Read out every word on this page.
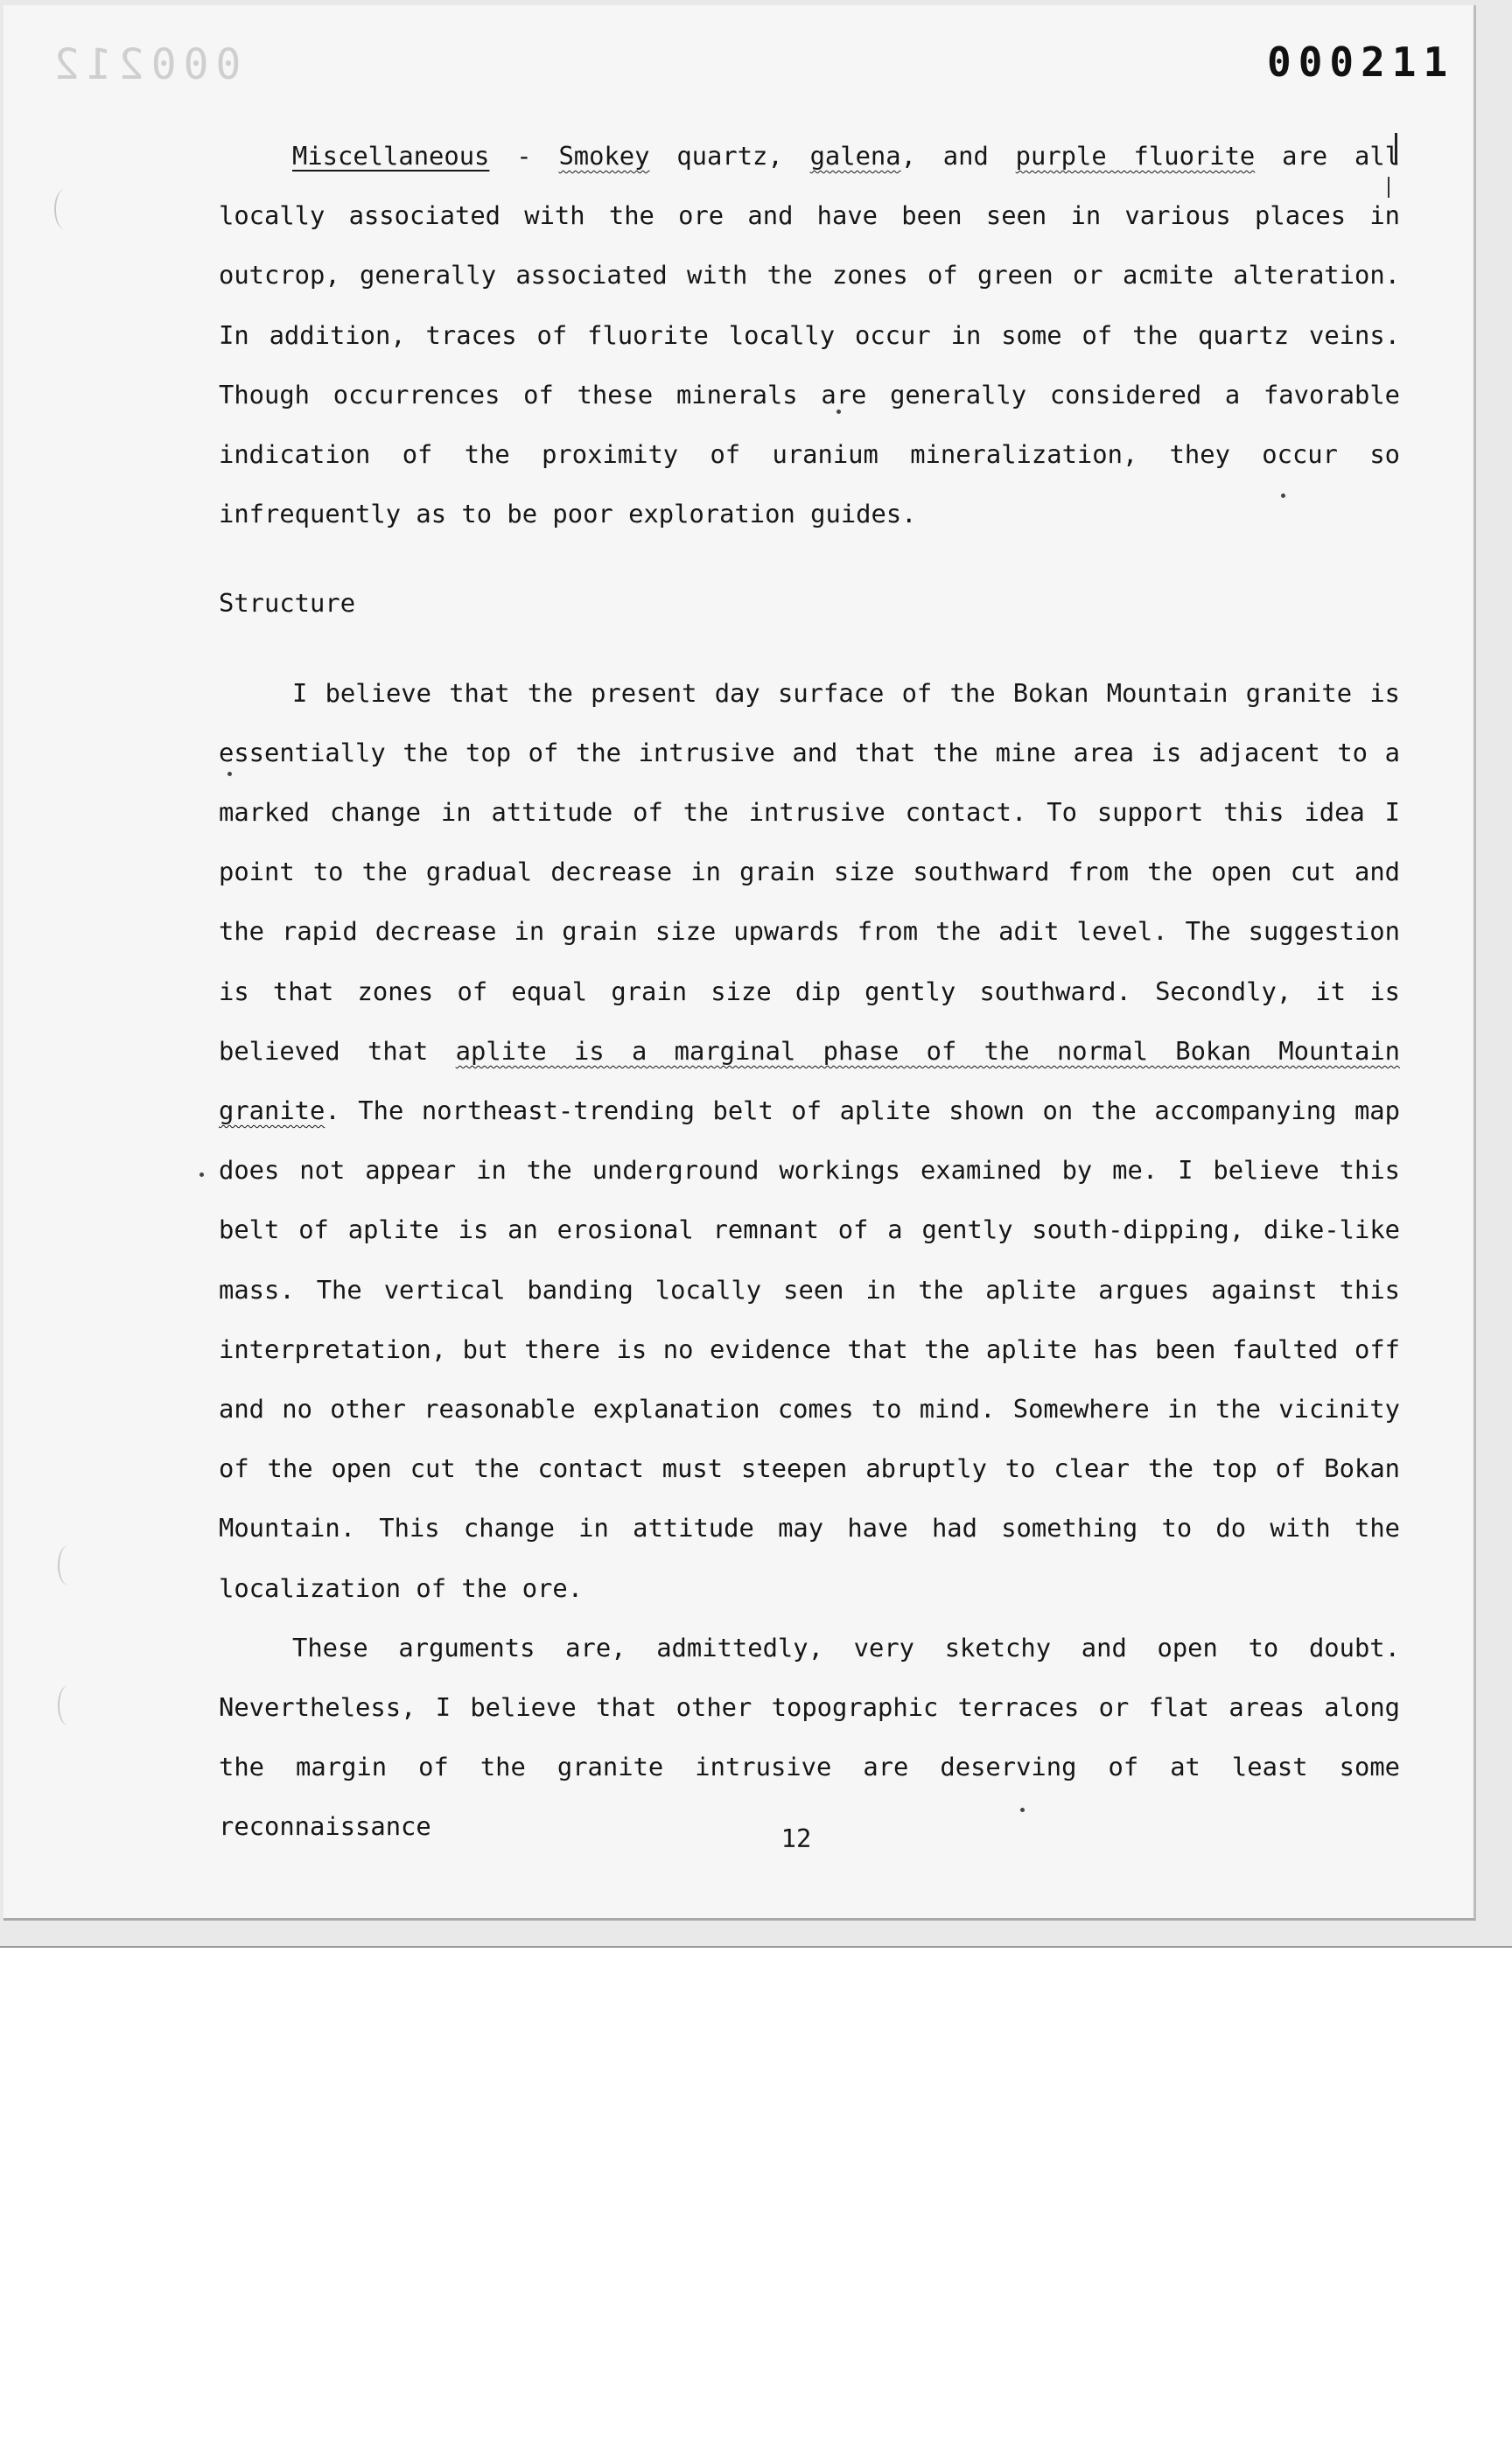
000212	000211

Miscellaneous - Smokey quartz, galena, and purple fluorite are all locally associated with the ore and have been seen in various places in outcrop, generally associated with the zones of green or acmite alteration. In addition, traces of fluorite locally occur in some of the quartz veins. Though occurrences of these minerals are generally considered a favorable indication of the proximity of uranium mineralization, they occur so infrequently as to be poor exploration guides.

Structure

I believe that the present day surface of the Bokan Mountain granite is essentially the top of the intrusive and that the mine area is adjacent to a marked change in attitude of the intrusive contact. To support this idea I point to the gradual decrease in grain size southward from the open cut and the rapid decrease in grain size upwards from the adit level. The suggestion is that zones of equal grain size dip gently southward. Secondly, it is believed that aplite is a marginal phase of the normal Bokan Mountain granite. The northeast-trending belt of aplite shown on the accompanying map does not appear in the underground workings examined by me. I believe this belt of aplite is an erosional remnant of a gently south-dipping, dike-like mass. The vertical banding locally seen in the aplite argues against this interpretation, but there is no evidence that the aplite has been faulted off and no other reasonable explanation comes to mind. Somewhere in the vicinity of the open cut the contact must steepen abruptly to clear the top of Bokan Mountain. This change in attitude may have had something to do with the localization of the ore.

These arguments are, admittedly, very sketchy and open to doubt. Nevertheless, I believe that other topographic terraces or flat areas along the margin of the granite intrusive are deserving of at least some reconnaissance	12
